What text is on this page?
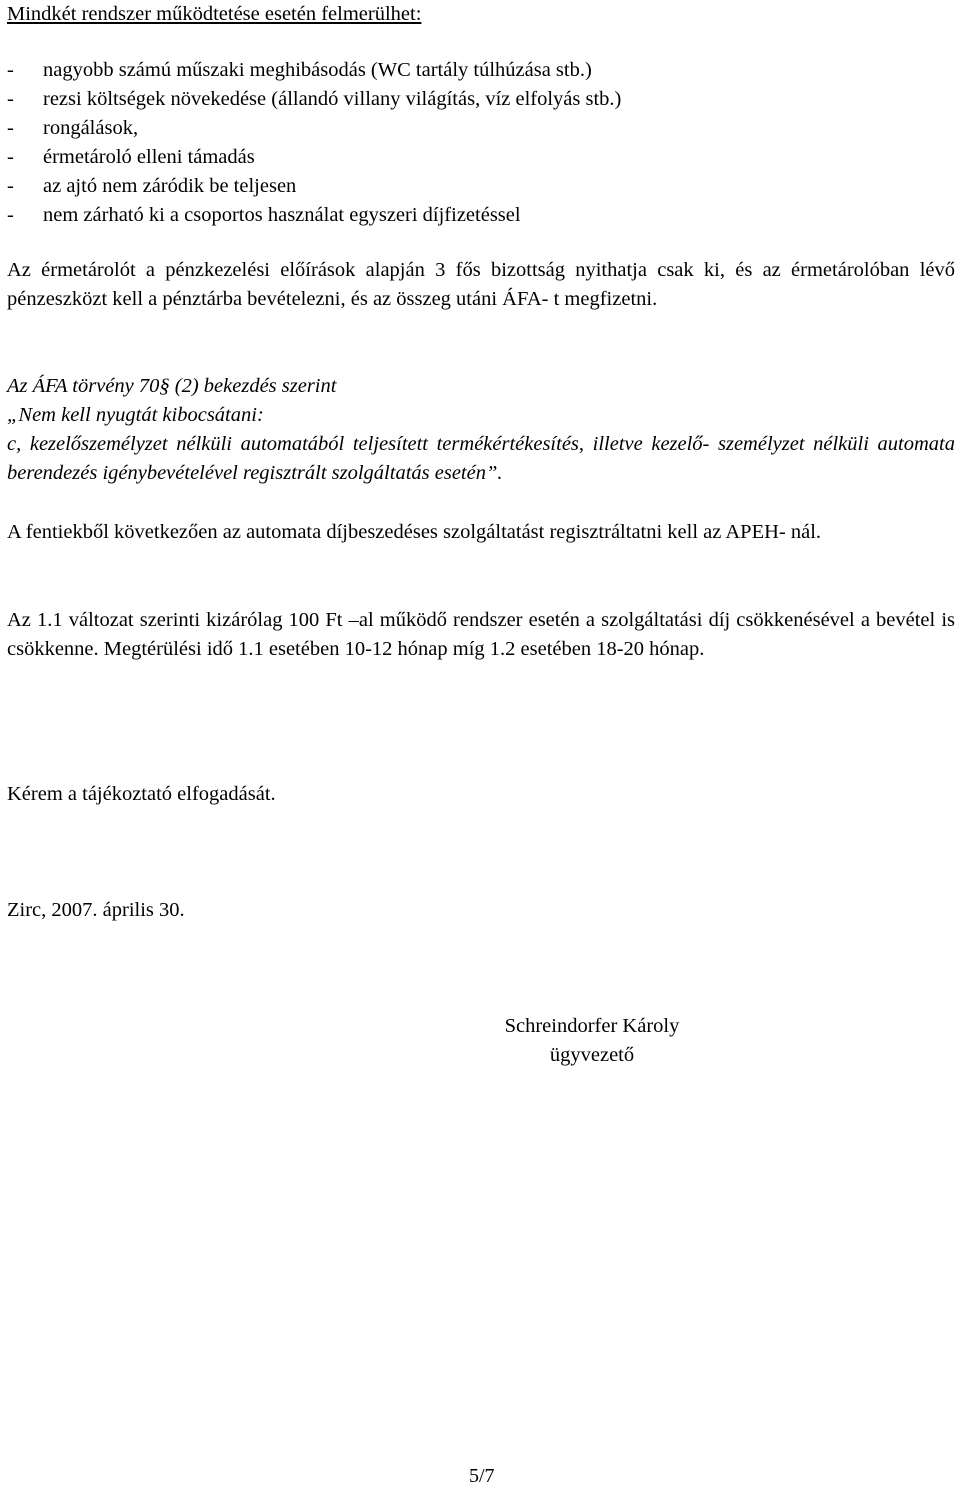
Mindkét rendszer működtetése esetén felmerülhet:
- nagyobb számú műszaki meghibásodás (WC tartály túlhúzása stb.)
- rezsi költségek növekedése (állandó villany világítás, víz elfolyás stb.)
- rongálások,
- érmetároló elleni támadás
- az ajtó nem záródik be teljesen
- nem zárható ki a csoportos használat egyszeri díjfizetéssel

Az érmetárolót a pénzkezelési előírások alapján 3 fős bizottság nyithatja csak ki, és az érmetárolóban lévő pénzeszközt kell a pénztárba bevételezni, és az összeg utáni ÁFA- t megfizetni.

Az ÁFA törvény 70§ (2) bekezdés szerint
„Nem kell nyugtát kibocsátani:
c, kezelőszemélyzet nélküli automatából teljesített termékértékesítés, illetve kezelő- személyzet nélküli automata berendezés igénybevételével regisztrált szolgáltatás esetén”.

A fentiekből következően az automata díjbeszedéses szolgáltatást regisztráltatni kell az APEH- nál.

Az 1.1 változat szerinti kizárólag 100 Ft –al működő rendszer esetén a szolgáltatási díj csökkenésével a bevétel is csökkenne. Megtérülési idő 1.1 esetében 10-12 hónap míg 1.2 esetében 18-20 hónap.

Kérem a tájékoztató elfogadását.
Zirc, 2007. április 30.
Schreindorfer Károly
ügyvezető
5/7
